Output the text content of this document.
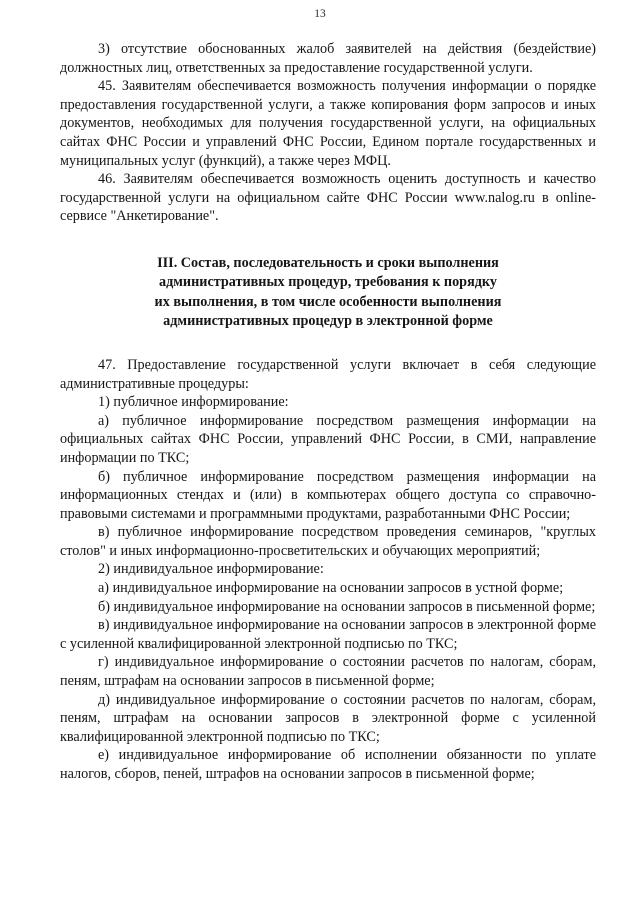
13

3) отсутствие обоснованных жалоб заявителей на действия (бездействие) должностных лиц, ответственных за предоставление государственной услуги.

45. Заявителям обеспечивается возможность получения информации о порядке предоставления государственной услуги, а также копирования форм запросов и иных документов, необходимых для получения государственной услуги, на официальных сайтах ФНС России и управлений ФНС России, Едином портале государственных и муниципальных услуг (функций), а также через МФЦ.

46. Заявителям обеспечивается возможность оценить доступность и качество государственной услуги на официальном сайте ФНС России www.nalog.ru в online-сервисе "Анкетирование".

III. Состав, последовательность и сроки выполнения
административных процедур, требования к порядку
их выполнения, в том числе особенности выполнения
административных процедур в электронной форме

47. Предоставление государственной услуги включает в себя следующие административные процедуры:

1) публичное информирование:

а) публичное информирование посредством размещения информации на официальных сайтах ФНС России, управлений ФНС России, в СМИ, направление информации по ТКС;

б) публичное информирование посредством размещения информации на информационных стендах и (или) в компьютерах общего доступа со справочно-правовыми системами и программными продуктами, разработанными ФНС России;

в) публичное информирование посредством проведения семинаров, "круглых столов" и иных информационно-просветительских и обучающих мероприятий;

2) индивидуальное информирование:

а) индивидуальное информирование на основании запросов в устной форме;

б) индивидуальное информирование на основании запросов в письменной форме;

в) индивидуальное информирование на основании запросов в электронной форме с усиленной квалифицированной электронной подписью по ТКС;

г) индивидуальное информирование о состоянии расчетов по налогам, сборам, пеням, штрафам на основании запросов в письменной форме;

д) индивидуальное информирование о состоянии расчетов по налогам, сборам, пеням, штрафам на основании запросов в электронной форме с усиленной квалифицированной электронной подписью по ТКС;

е) индивидуальное информирование об исполнении обязанности по уплате налогов, сборов, пеней, штрафов на основании запросов в письменной форме;
